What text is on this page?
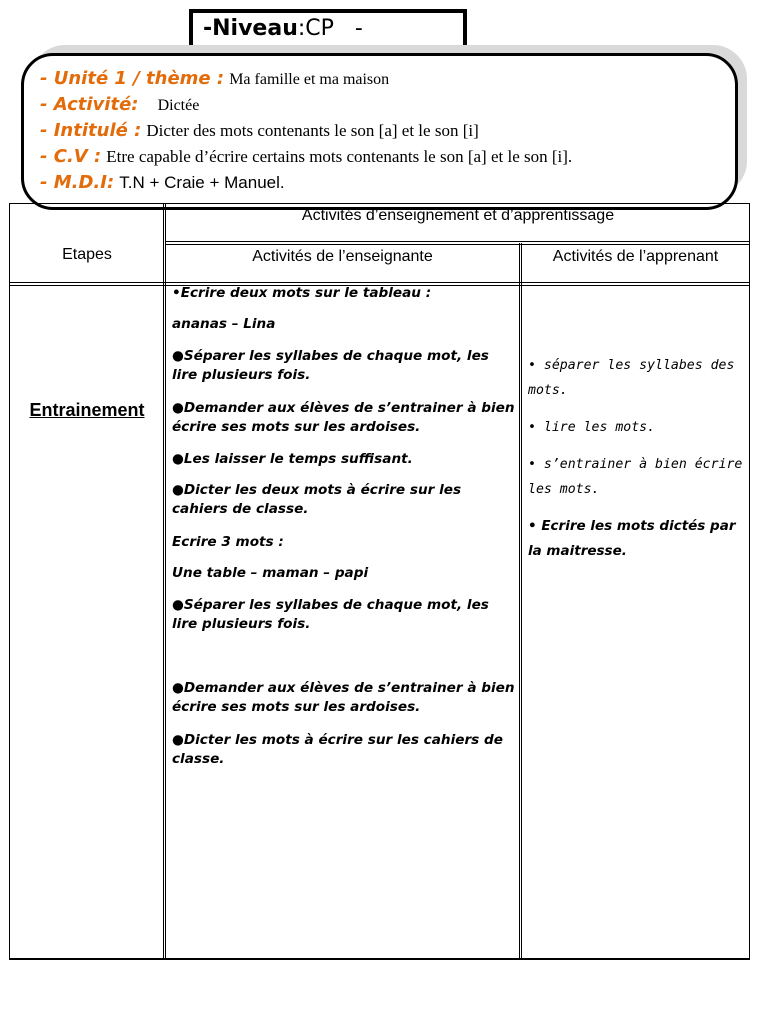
-Niveau:CP   -
- Unité 1 / thème : Ma famille et ma maison
- Activité: Dictée
- Intitulé : Dicter des mots contenants le son [a] et le son [i]
- C.V : Etre capable d’écrire certains mots contenants le son [a] et le son [i].
- M.D.I: T.N + Craie + Manuel.
Etapes
Activités d’enseignement et d’apprentissage
Activités de l’enseignante	Activités de l’apprenant
Entrainement

•Ecrire deux mots sur le tableau :

ananas – Lina

●Séparer les syllabes de chaque mot, les lire plusieurs fois.

●Demander aux élèves de s’entrainer à bien écrire ses mots sur les ardoises.

●Les laisser le temps suffisant.

●Dicter les deux mots à écrire sur les cahiers de classe.

Ecrire 3 mots :

Une table – maman – papi

●Séparer les syllabes de chaque mot, les lire plusieurs fois.

●Demander aux élèves de s’entrainer à bien écrire ses mots sur les ardoises.

●Dicter les mots à écrire sur les cahiers de classe.

• séparer les syllabes des mots.

• lire les mots.

• s’entrainer à bien écrire les mots.

• Ecrire les mots dictés par la maitresse.
